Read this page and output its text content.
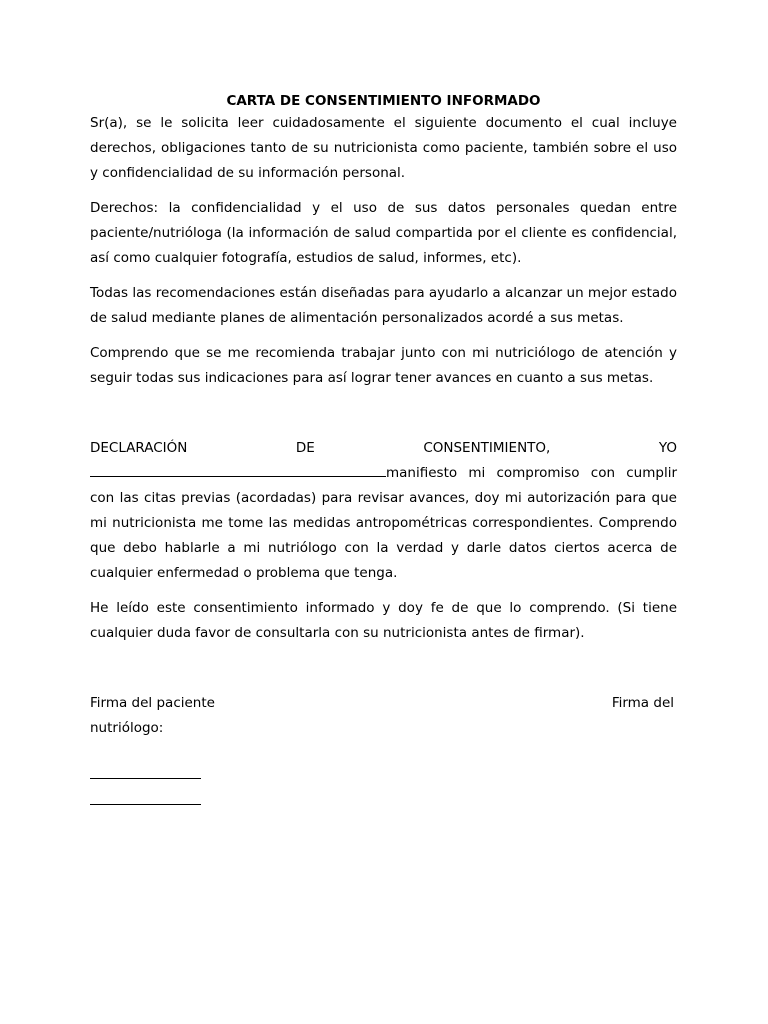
CARTA DE CONSENTIMIENTO INFORMADO

Sr(a), se le solicita leer cuidadosamente el siguiente documento el cual incluye derechos, obligaciones tanto de su nutricionista como paciente, también sobre el uso y confidencialidad de su información personal.

Derechos: la confidencialidad y el uso de sus datos personales quedan entre paciente/nutrióloga (la información de salud compartida por el cliente es confidencial, así como cualquier fotografía, estudios de salud, informes, etc).

Todas las recomendaciones están diseñadas para ayudarlo a alcanzar un mejor estado de salud mediante planes de alimentación personalizados acordé a sus metas.

Comprendo que se me recomienda trabajar junto con mi nutriciólogo de atención y seguir todas sus indicaciones para así lograr tener avances en cuanto a sus metas.

DECLARACIÓN	DE	CONSENTIMIENTO,	YO

manifiesto mi compromiso con cumplir con las citas previas (acordadas) para revisar avances, doy mi autorización para que mi nutricionista me tome las medidas antropométricas correspondientes. Comprendo que debo hablarle a mi nutriólogo con la verdad y darle datos ciertos acerca de cualquier enfermedad o problema que tenga.

He leído este consentimiento informado y doy fe de que lo comprendo. (Si tiene cualquier duda favor de consultarla con su nutricionista antes de firmar).

Firma del paciente	Firma del
nutriólogo:
